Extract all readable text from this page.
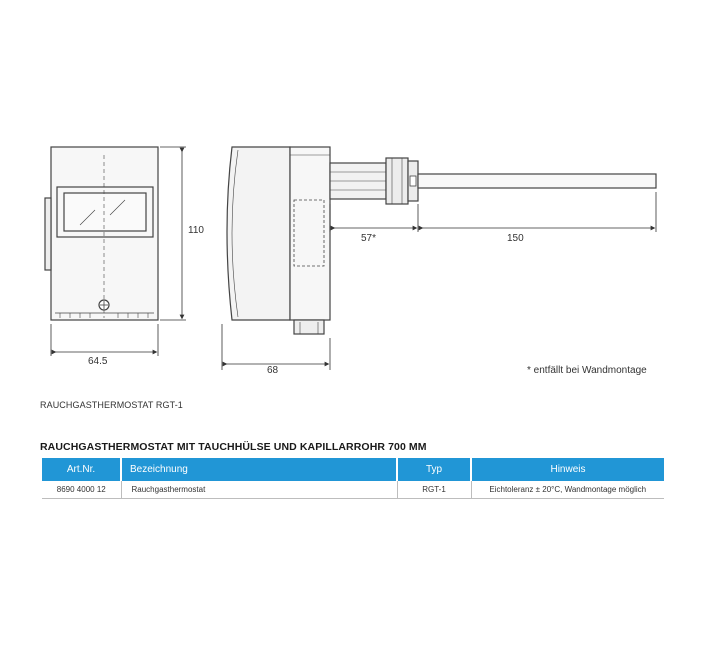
110
64.5
68
57*	150
* entfällt bei Wandmontage
RAUCHGASTHERMOSTAT RGT-1
RAUCHGASTHERMOSTAT MIT TAUCHHÜLSE UND KAPILLARROHR 700 MM
Art.Nr.	Bezeichnung	Typ	Hinweis
8690 4000 12	Rauchgasthermostat	RGT-1	Eichtoleranz ± 20°C, Wandmontage möglich
